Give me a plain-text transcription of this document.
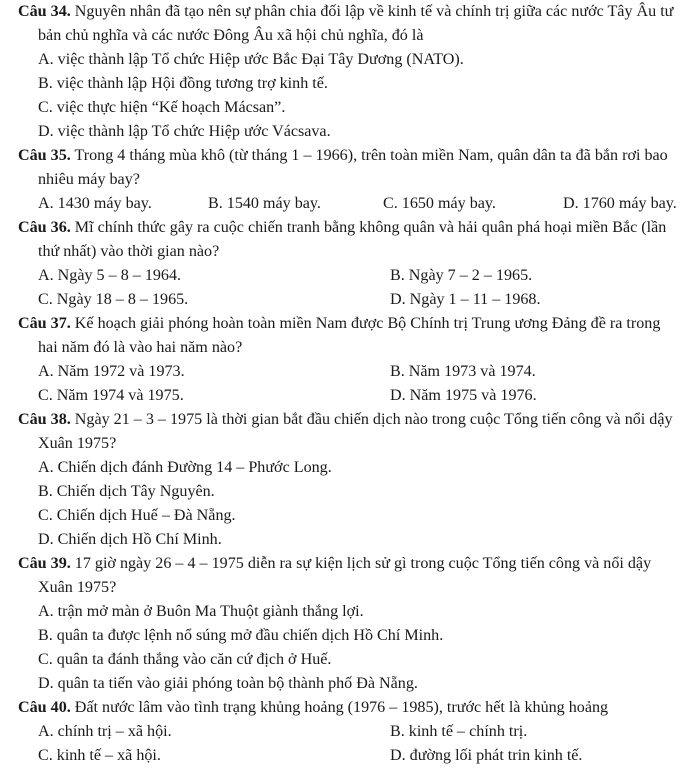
Câu 34. Nguyên nhân đã tạo nên sự phân chia đối lập về kinh tế và chính trị giữa các nước Tây Âu tư bản chủ nghĩa và các nước Đông Âu xã hội chủ nghĩa, đó là

A. việc thành lập Tổ chức Hiệp ước Bắc Đại Tây Dương (NATO).
B. việc thành lập Hội đồng tương trợ kinh tế.
C. việc thực hiện “Kế hoạch Mácsan”.
D. việc thành lập Tổ chức Hiệp ước Vácsava.

Câu 35. Trong 4 tháng mùa khô (từ tháng 1 – 1966), trên toàn miền Nam, quân dân ta đã bắn rơi bao nhiêu máy bay?

A. 1430 máy bay.	B. 1540 máy bay.	C. 1650 máy bay.	D. 1760 máy bay.

Câu 36. Mĩ chính thức gây ra cuộc chiến tranh bằng không quân và hải quân phá hoại miền Bắc (lần thứ nhất) vào thời gian nào?

A. Ngày 5 – 8 – 1964.	B. Ngày 7 – 2 – 1965.
C. Ngày 18 – 8 – 1965.	D. Ngày 1 – 11 – 1968.

Câu 37. Kế hoạch giải phóng hoàn toàn miền Nam được Bộ Chính trị Trung ương Đảng đề ra trong hai năm đó là vào hai năm nào?

A. Năm 1972 và 1973.	B. Năm 1973 và 1974.
C. Năm 1974 và 1975.	D. Năm 1975 và 1976.

Câu 38. Ngày 21 – 3 – 1975 là thời gian bắt đầu chiến dịch nào trong cuộc Tổng tiến công và nổi dậy Xuân 1975?

A. Chiến dịch đánh Đường 14 – Phước Long.
B. Chiến dịch Tây Nguyên.
C. Chiến dịch Huế – Đà Nẵng.
D. Chiến dịch Hồ Chí Minh.

Câu 39. 17 giờ ngày 26 – 4 – 1975 diễn ra sự kiện lịch sử gì trong cuộc Tổng tiến công và nổi dậy Xuân 1975?

A. trận mở màn ở Buôn Ma Thuột giành thắng lợi.
B. quân ta được lệnh nổ súng mở đầu chiến dịch Hồ Chí Minh.
C. quân ta đánh thắng vào căn cứ địch ở Huế.
D. quân ta tiến vào giải phóng toàn bộ thành phố Đà Nẵng.

Câu 40. Đất nước lâm vào tình trạng khủng hoảng (1976 – 1985), trước hết là khủng hoảng

A. chính trị – xã hội.	B. kinh tế – chính trị.
C. kinh tế – xã hội.	D. đường lối phát trin kinh tế.
